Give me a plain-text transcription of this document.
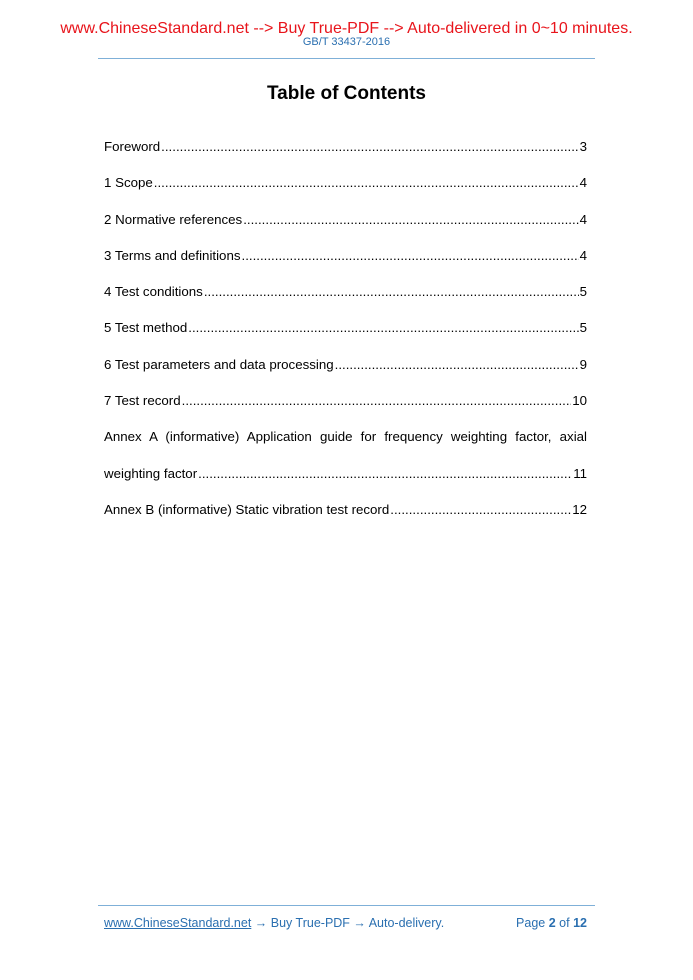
www.ChineseStandard.net --> Buy True-PDF --> Auto-delivered in 0~10 minutes.
GB/T 33437-2016
Table of Contents
Foreword .....	3
1 Scope .....	4
2 Normative references .....	4
3 Terms and definitions .....	4
4 Test conditions .....	5
5 Test method .....	5
6 Test parameters and data processing .....	9
7 Test record .....	10
Annex A (informative) Application guide for frequency weighting factor, axial
weighting factor .....	11
Annex B (informative) Static vibration test record .....	12
www.ChineseStandard.net → Buy True-PDF → Auto-delivery.	Page 2 of 12
